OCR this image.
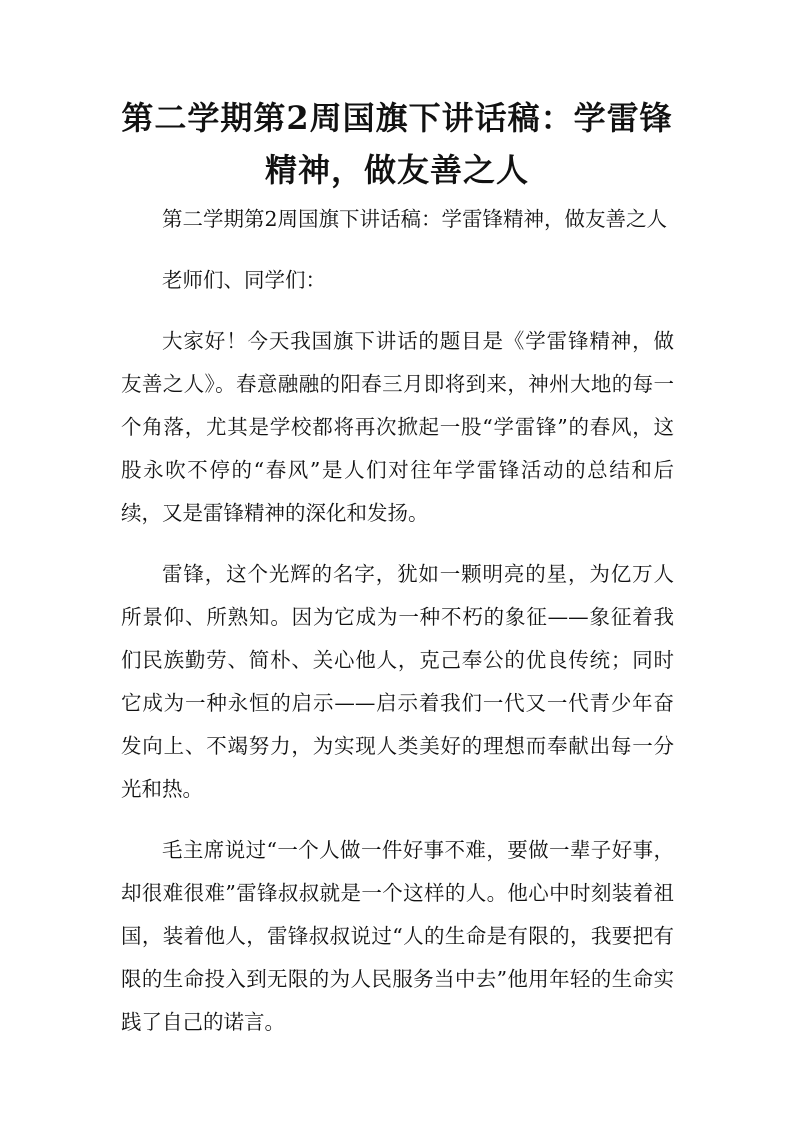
第二学期第2周国旗下讲话稿：学雷锋精神，做友善之人

第二学期第2周国旗下讲话稿：学雷锋精神，做友善之人

老师们、同学们：

大家好！今天我国旗下讲话的题目是《学雷锋精神，做友善之人》。春意融融的阳春三月即将到来，神州大地的每一个角落，尤其是学校都将再次掀起一股“学雷锋”的春风，这股永吹不停的“春风”是人们对往年学雷锋活动的总结和后续，又是雷锋精神的深化和发扬。

雷锋，这个光辉的名字，犹如一颗明亮的星，为亿万人所景仰、所熟知。因为它成为一种不朽的象征——象征着我们民族勤劳、简朴、关心他人，克己奉公的优良传统；同时它成为一种永恒的启示——启示着我们一代又一代青少年奋发向上、不竭努力，为实现人类美好的理想而奉献出每一分光和热。

毛主席说过“一个人做一件好事不难，要做一辈子好事，却很难很难”雷锋叔叔就是一个这样的人。他心中时刻装着祖国，装着他人，雷锋叔叔说过“人的生命是有限的，我要把有限的生命投入到无限的为人民服务当中去”他用年轻的生命实践了自己的诺言。
